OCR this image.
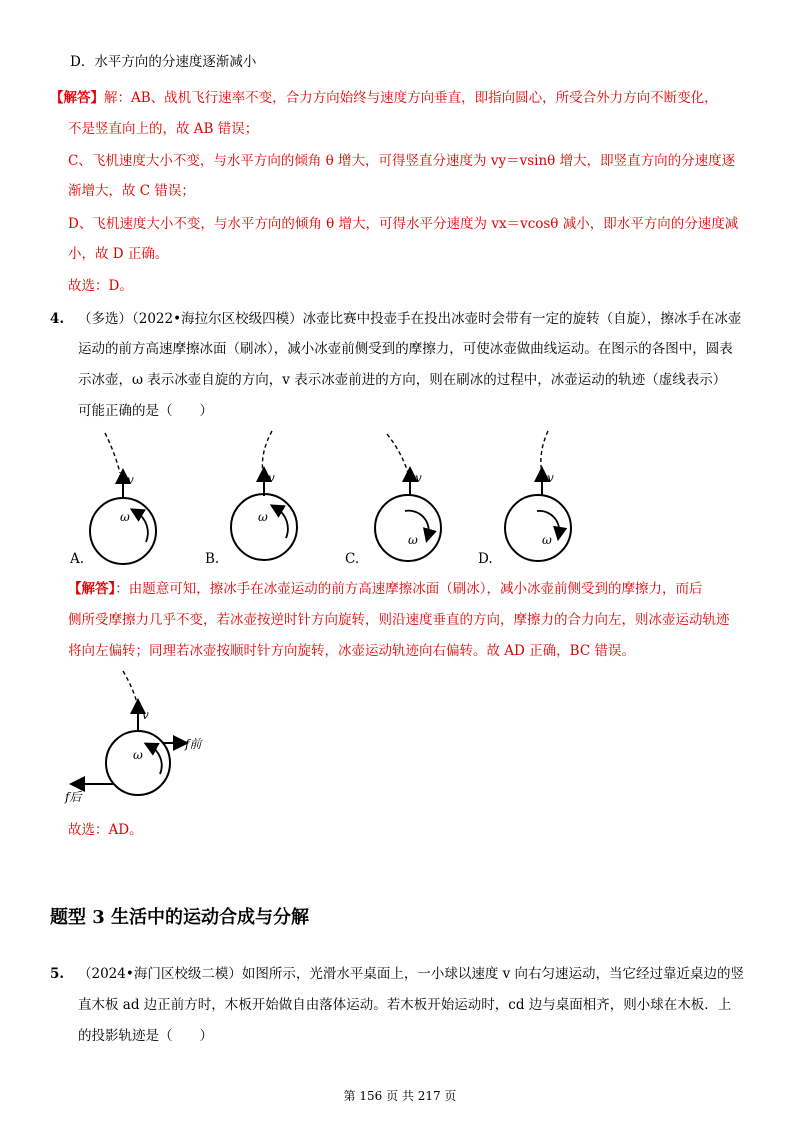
D．水平方向的分速度逐渐减小
【解答】解：AB、战机飞行速率不变，合力方向始终与速度方向垂直，即指向圆心，所受合外力方向不断变化，
不是竖直向上的，故 AB 错误；
C、飞机速度大小不变，与水平方向的倾角 θ 增大，可得竖直分速度为 vy＝vsinθ 增大，即竖直方向的分速度逐
渐增大，故 C 错误；
D、飞机速度大小不变，与水平方向的倾角 θ 增大，可得水平分速度为 vx＝vcosθ 减小，即水平方向的分速度减
小，故 D 正确。
故选：D。
4. （多选）（2022•海拉尔区校级四模）冰壶比赛中投壶手在投出冰壶时会带有一定的旋转（自旋），擦冰手在冰壶
运动的前方高速摩擦冰面（刷冰），减小冰壶前侧受到的摩擦力，可使冰壶做曲线运动。在图示的各图中，圆表
示冰壶，ω 表示冰壶自旋的方向，v 表示冰壶前进的方向，则在刷冰的过程中，冰壶运动的轨迹（虚线表示）
可能正确的是（　　）
v
ω
v
ω
v
ω
v
ω
A.	B.	C.	D.
【解答】：由题意可知，擦冰手在冰壶运动的前方高速摩擦冰面（刷冰），减小冰壶前侧受到的摩擦力，而后
侧所受摩擦力几乎不变，若冰壶按逆时针方向旋转，则沿速度垂直的方向，摩擦力的合力向左，则冰壶运动轨迹
将向左偏转；同理若冰壶按顺时针方向旋转，冰壶运动轨迹向右偏转。故 AD 正确，BC 错误。
v
ω
f前
f后
故选：AD。
题型 3 生活中的运动合成与分解
5. （2024•海门区校级二模）如图所示，光滑水平桌面上，一小球以速度 v 向右匀速运动，当它经过靠近桌边的竖
直木板 ad 边正前方时，木板开始做自由落体运动。若木板开始运动时，cd 边与桌面相齐，则小球在木板．上
的投影轨迹是（　　）
第 156 页 共 217 页
